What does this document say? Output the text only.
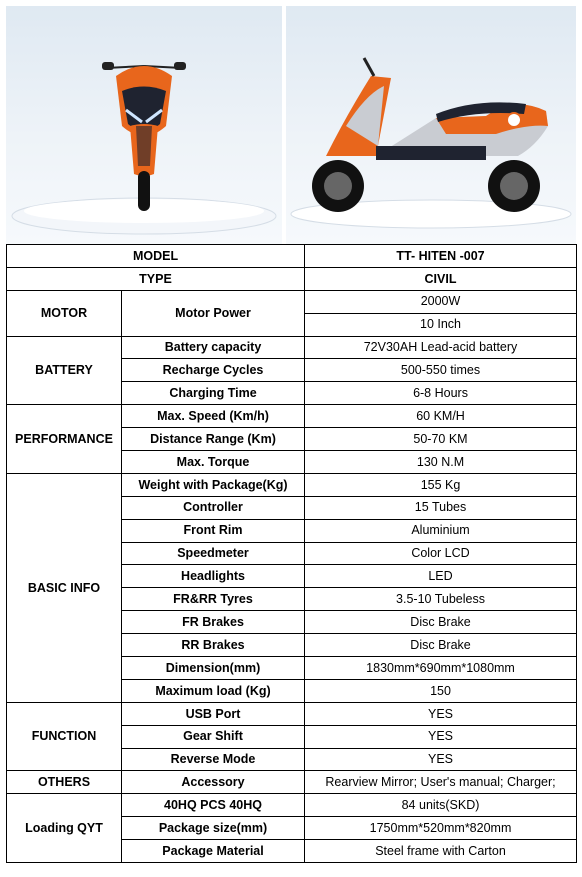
MODEL		TT- HITEN -007
TYPE		CIVIL
MOTOR	Motor Power	2000W
		10 Inch
BATTERY	Battery capacity	72V30AH Lead-acid battery
	Recharge Cycles	500-550 times
	Charging Time	6-8 Hours
PERFORMANCE	Max. Speed (Km/h)	60 KM/H
	Distance Range (Km)	50-70 KM
	Max. Torque	130 N.M
BASIC INFO	Weight with Package(Kg)	155 Kg
	Controller	15 Tubes
	Front Rim	Aluminium
	Speedmeter	Color LCD
	Headlights	LED
	FR&RR Tyres	3.5-10 Tubeless
	FR Brakes	Disc Brake
	RR Brakes	Disc Brake
	Dimension(mm)	1830mm*690mm*1080mm
	Maximum load (Kg)	150
FUNCTION	USB Port	YES
	Gear Shift	YES
	Reverse Mode	YES
OTHERS	Accessory	Rearview Mirror; User's manual; Charger;
Loading QYT	40HQ PCS 40HQ	84 units(SKD)
	Package size(mm)	1750mm*520mm*820mm
	Package Material	Steel frame with Carton
